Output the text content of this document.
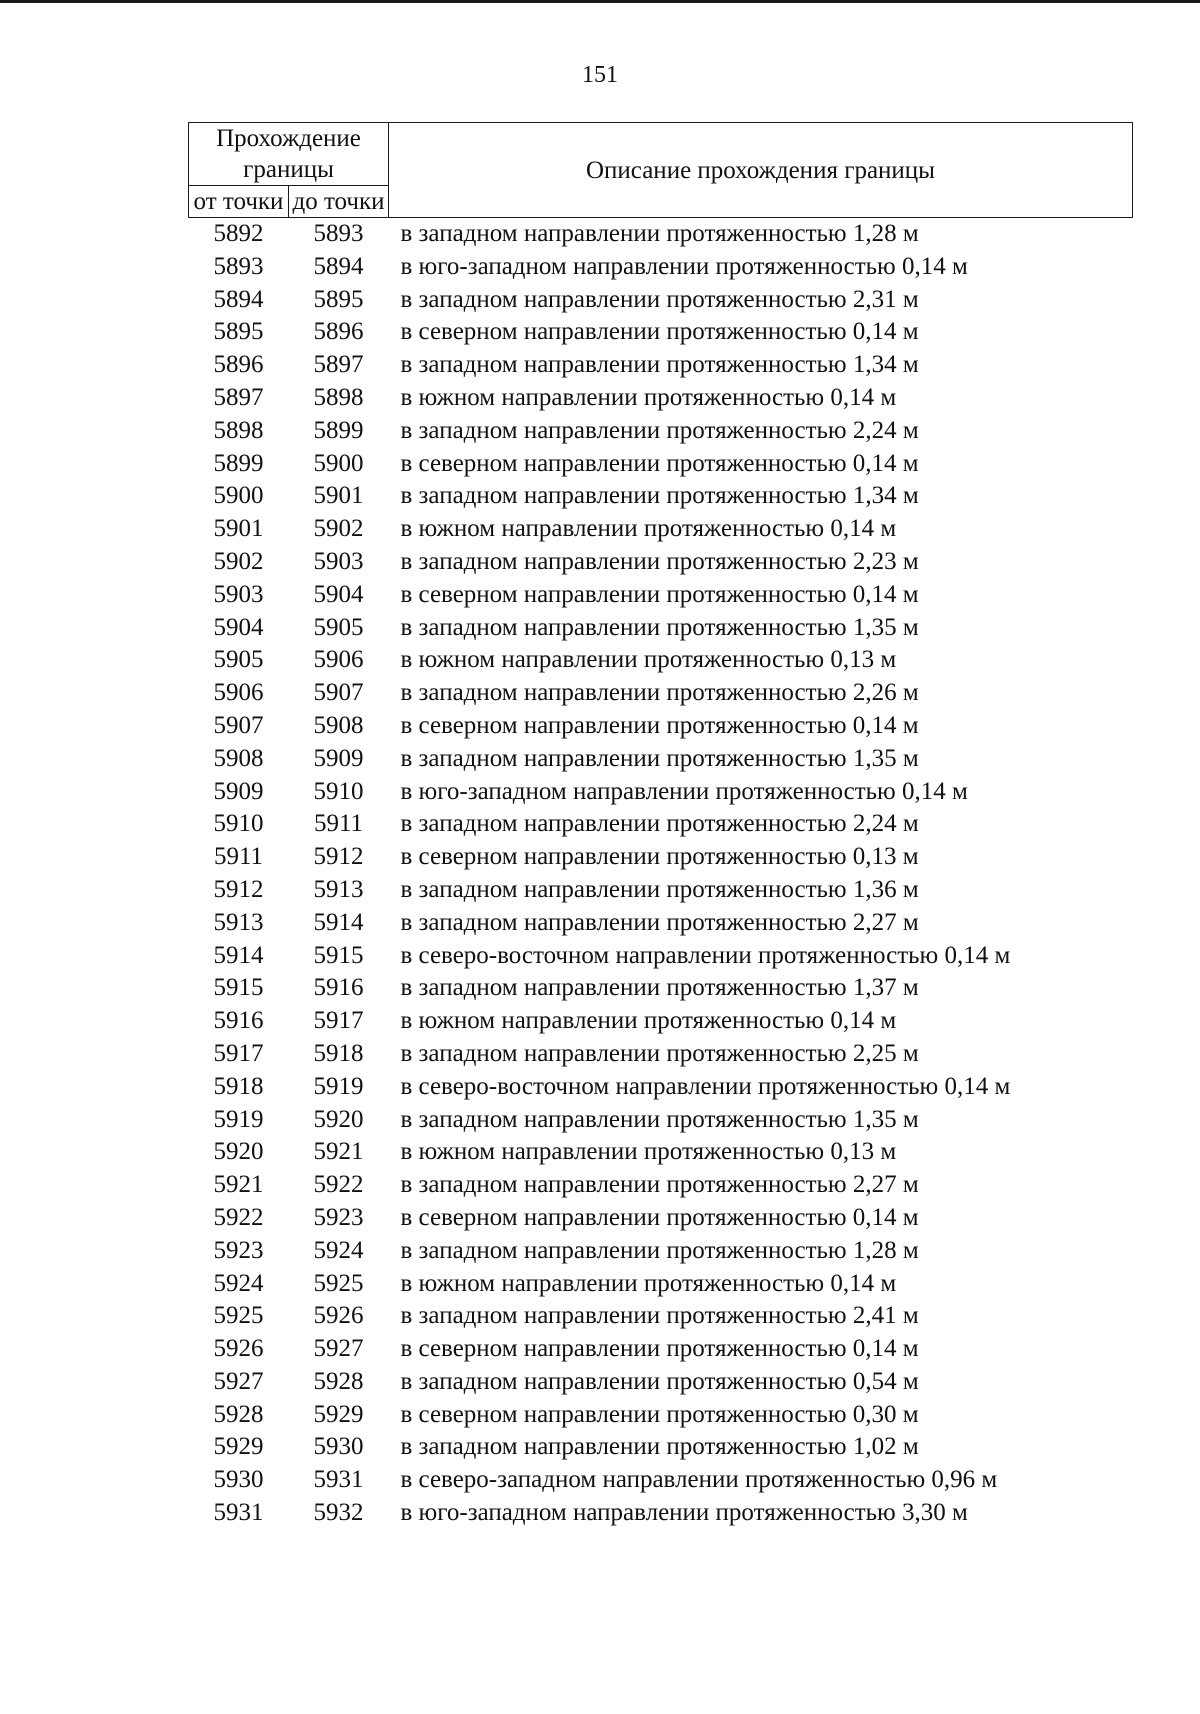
151
Прохождение границы		Описание прохождения границы
от точки	до точки	
5892	5893	в западном направлении протяженностью 1,28 м
5893	5894	в юго-западном направлении протяженностью 0,14 м
5894	5895	в западном направлении протяженностью 2,31 м
5895	5896	в северном направлении протяженностью 0,14 м
5896	5897	в западном направлении протяженностью 1,34 м
5897	5898	в южном направлении протяженностью 0,14 м
5898	5899	в западном направлении протяженностью 2,24 м
5899	5900	в северном направлении протяженностью 0,14 м
5900	5901	в западном направлении протяженностью 1,34 м
5901	5902	в южном направлении протяженностью 0,14 м
5902	5903	в западном направлении протяженностью 2,23 м
5903	5904	в северном направлении протяженностью 0,14 м
5904	5905	в западном направлении протяженностью 1,35 м
5905	5906	в южном направлении протяженностью 0,13 м
5906	5907	в западном направлении протяженностью 2,26 м
5907	5908	в северном направлении протяженностью 0,14 м
5908	5909	в западном направлении протяженностью 1,35 м
5909	5910	в юго-западном направлении протяженностью 0,14 м
5910	5911	в западном направлении протяженностью 2,24 м
5911	5912	в северном направлении протяженностью 0,13 м
5912	5913	в западном направлении протяженностью 1,36 м
5913	5914	в западном направлении протяженностью 2,27 м
5914	5915	в северо-восточном направлении протяженностью 0,14 м
5915	5916	в западном направлении протяженностью 1,37 м
5916	5917	в южном направлении протяженностью 0,14 м
5917	5918	в западном направлении протяженностью 2,25 м
5918	5919	в северо-восточном направлении протяженностью 0,14 м
5919	5920	в западном направлении протяженностью 1,35 м
5920	5921	в южном направлении протяженностью 0,13 м
5921	5922	в западном направлении протяженностью 2,27 м
5922	5923	в северном направлении протяженностью 0,14 м
5923	5924	в западном направлении протяженностью 1,28 м
5924	5925	в южном направлении протяженностью 0,14 м
5925	5926	в западном направлении протяженностью 2,41 м
5926	5927	в северном направлении протяженностью 0,14 м
5927	5928	в западном направлении протяженностью 0,54 м
5928	5929	в северном направлении протяженностью 0,30 м
5929	5930	в западном направлении протяженностью 1,02 м
5930	5931	в северо-западном направлении протяженностью 0,96 м
5931	5932	в юго-западном направлении протяженностью 3,30 м
